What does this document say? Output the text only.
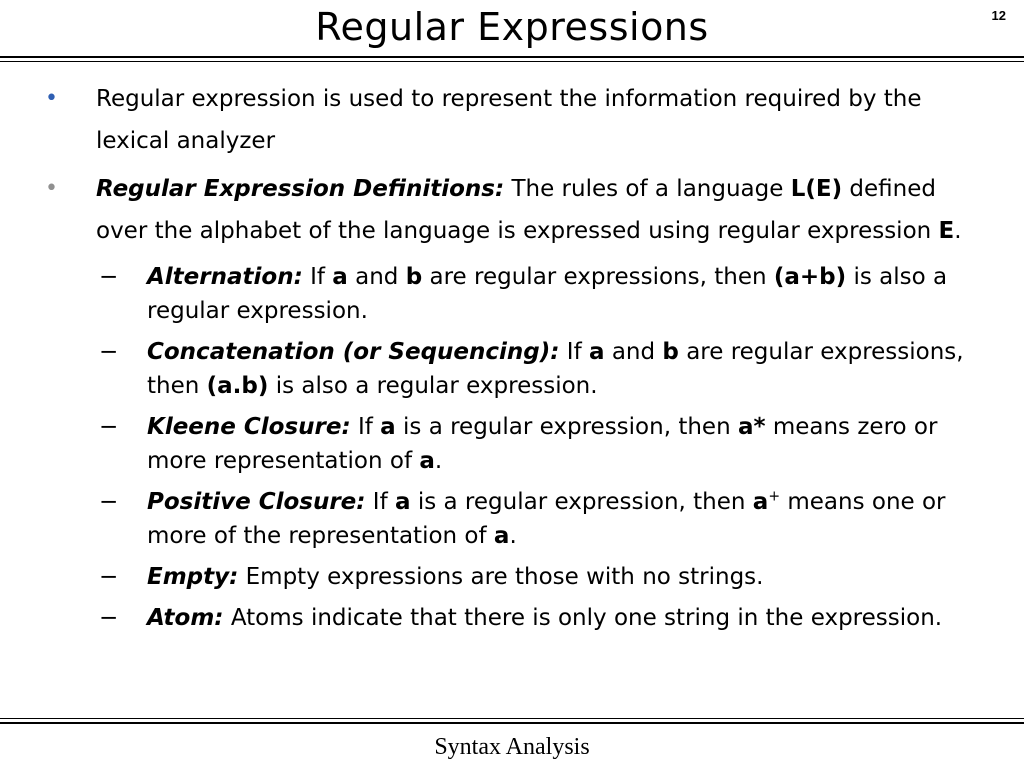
Regular Expressions	12

• Regular expression is used to represent the information required by the lexical analyzer

• Regular Expression Definitions: The rules of a language L(E) defined over the alphabet of the language is expressed using regular expression E.

− Alternation: If a and b are regular expressions, then (a+b) is also a regular expression.

− Concatenation (or Sequencing): If a and b are regular expressions, then (a.b) is also a regular expression.

− Kleene Closure: If a is a regular expression, then a* means zero or more representation of a.

− Positive Closure: If a is a regular expression, then a+ means one or more of the representation of a.

− Empty: Empty expressions are those with no strings.

− Atom: Atoms indicate that there is only one string in the expression.

Syntax Analysis
